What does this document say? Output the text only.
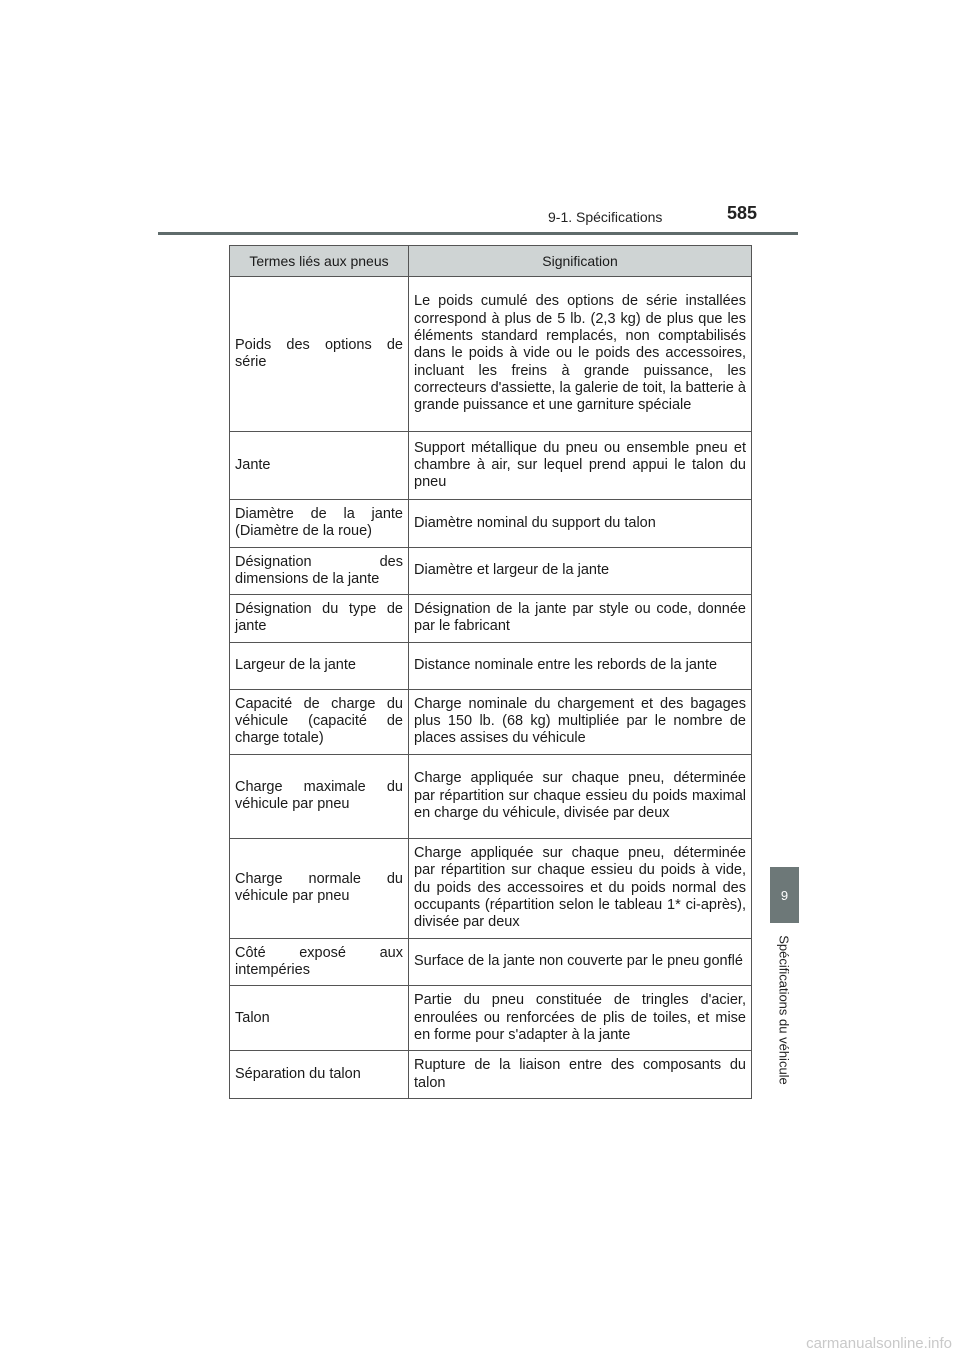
9-1. Spécifications	585
9
Spécifications du véhicule
Termes liés aux pneus	Signification
Poids des options de série	Le poids cumulé des options de série installées correspond à plus de 5 lb. (2,3 kg) de plus que les éléments standard remplacés, non comptabilisés dans le poids à vide ou le poids des accessoires, incluant les freins à grande puissance, les correcteurs d'assiette, la galerie de toit, la batterie à grande puissance et une garniture spéciale
Jante	Support métallique du pneu ou ensemble pneu et chambre à air, sur lequel prend appui le talon du pneu
Diamètre de la jante (Diamètre de la roue)	Diamètre nominal du support du talon
Désignation des dimensions de la jante	Diamètre et largeur de la jante
Désignation du type de jante	Désignation de la jante par style ou code, donnée par le fabricant
Largeur de la jante	Distance nominale entre les rebords de la jante
Capacité de charge du véhicule (capacité de charge totale)	Charge nominale du chargement et des bagages plus 150 lb. (68 kg) multipliée par le nombre de places assises du véhicule
Charge maximale du véhicule par pneu	Charge appliquée sur chaque pneu, déterminée par répartition sur chaque essieu du poids maximal en charge du véhicule, divisée par deux
Charge normale du véhicule par pneu	Charge appliquée sur chaque pneu, déterminée par répartition sur chaque essieu du poids à vide, du poids des accessoires et du poids normal des occupants (répartition selon le tableau 1* ci-après), divisée par deux
Côté exposé aux intempéries	Surface de la jante non couverte par le pneu gonflé
Talon	Partie du pneu constituée de tringles d'acier, enroulées ou renforcées de plis de toiles, et mise en forme pour s'adapter à la jante
Séparation du talon	Rupture de la liaison entre des composants du talon
carmanualsonline.info
